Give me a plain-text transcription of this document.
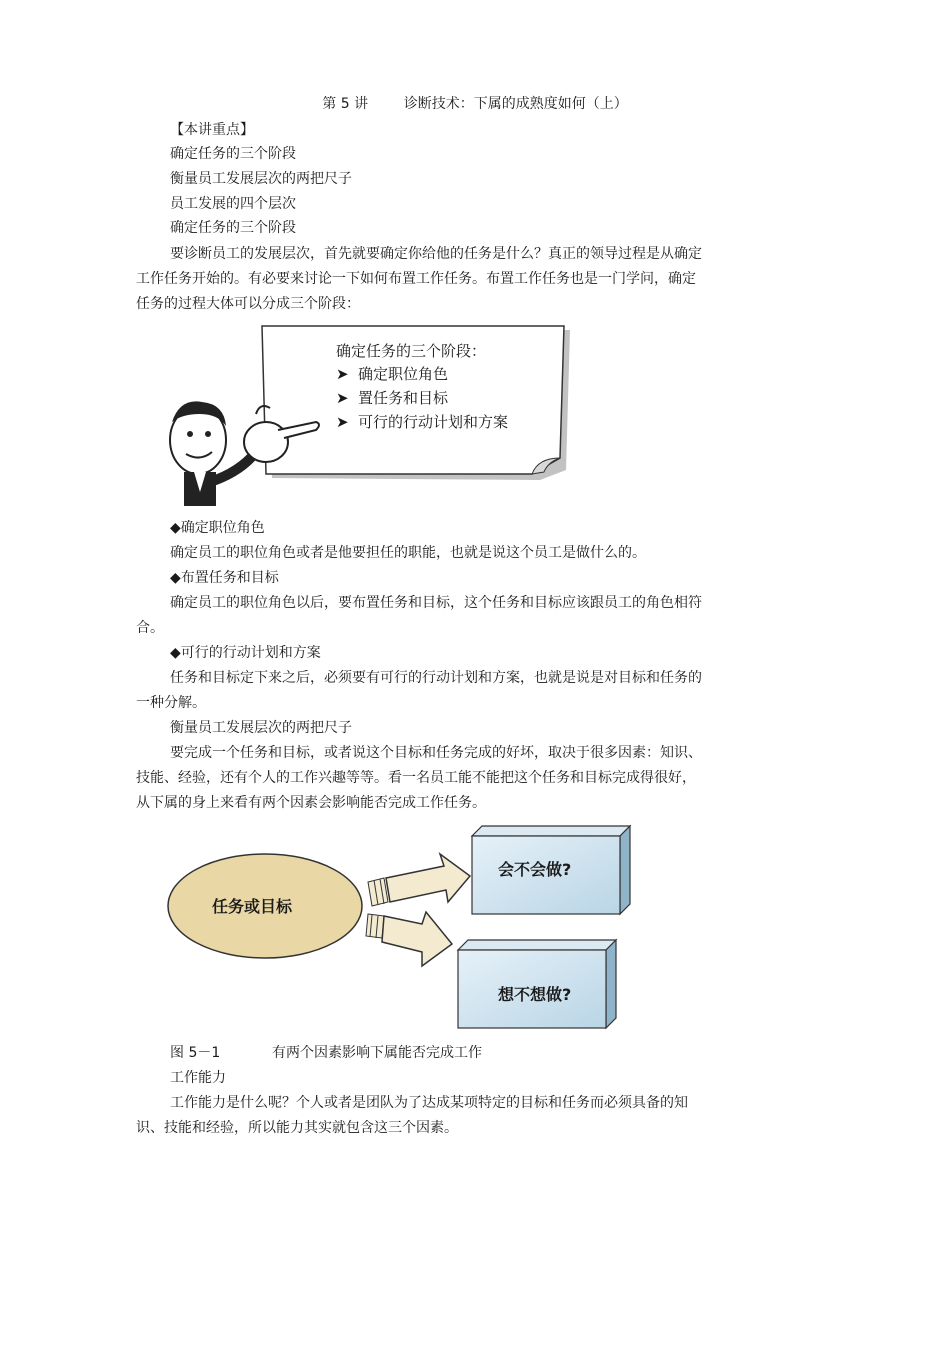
第 5 讲        诊断技术：下属的成熟度如何（上）
【本讲重点】
确定任务的三个阶段
衡量员工发展层次的两把尺子
员工发展的四个层次
确定任务的三个阶段
要诊断员工的发展层次，首先就要确定你给他的任务是什么？真正的领导过程是从确定
工作任务开始的。有必要来讨论一下如何布置工作任务。布置工作任务也是一门学问，确定
任务的过程大体可以分成三个阶段：
确定任务的三个阶段：
➤ 确定职位角色
➤ 置任务和目标
➤ 可行的行动计划和方案
◆确定职位角色
确定员工的职位角色或者是他要担任的职能，也就是说这个员工是做什么的。
◆布置任务和目标
确定员工的职位角色以后，要布置任务和目标，这个任务和目标应该跟员工的角色相符
合。
◆可行的行动计划和方案
任务和目标定下来之后，必须要有可行的行动计划和方案，也就是说是对目标和任务的
一种分解。
衡量员工发展层次的两把尺子
要完成一个任务和目标，或者说这个目标和任务完成的好坏，取决于很多因素：知识、
技能、经验，还有个人的工作兴趣等等。看一名员工能不能把这个任务和目标完成得很好，
从下属的身上来看有两个因素会影响能否完成工作任务。
任务或目标
会不会做?
想不想做?
图 5－1	有两个因素影响下属能否完成工作
工作能力
工作能力是什么呢？个人或者是团队为了达成某项特定的目标和任务而必须具备的知
识、技能和经验，所以能力其实就包含这三个因素。
